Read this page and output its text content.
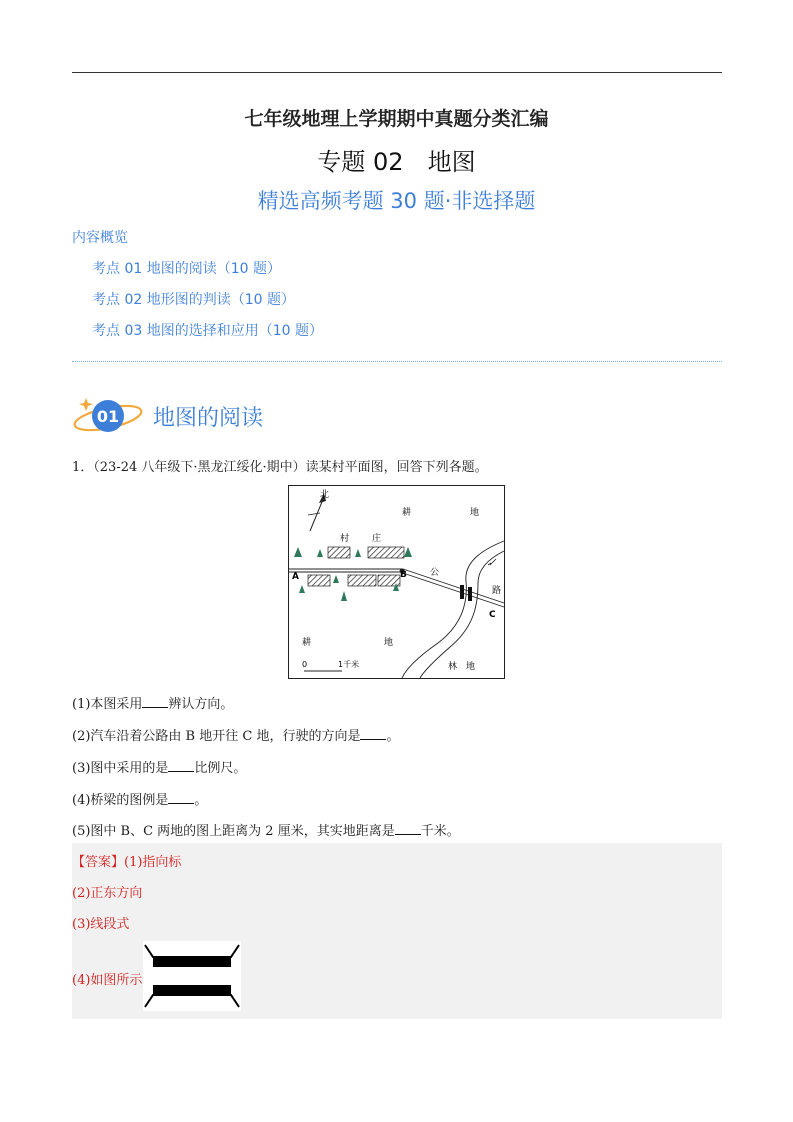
七年级地理上学期期中真题分类汇编
专题 02　地图
精选高频考题 30 题·非选择题
内容概览
考点 01 地图的阅读（10 题）
考点 02 地形图的判读（10 题）
考点 03 地图的选择和应用（10 题）
01 地图的阅读
1．（23-24 八年级下·黑龙江绥化·期中）读某村平面图，回答下列各题。
北
耕	地
村	庄
A	B
C
公
路
耕	地
林 地
0	1千米
(1)本图采用 辨认方向。
(2)汽车沿着公路由 B 地开往 C 地，行驶的方向是 。
(3)图中采用的是 比例尺。
(4)桥梁的图例是 。
(5)图中 B、C 两地的图上距离为 2 厘米，其实地距离是 千米。
【答案】(1)指向标
(2)正东方向
(3)线段式
(4)如图所示
